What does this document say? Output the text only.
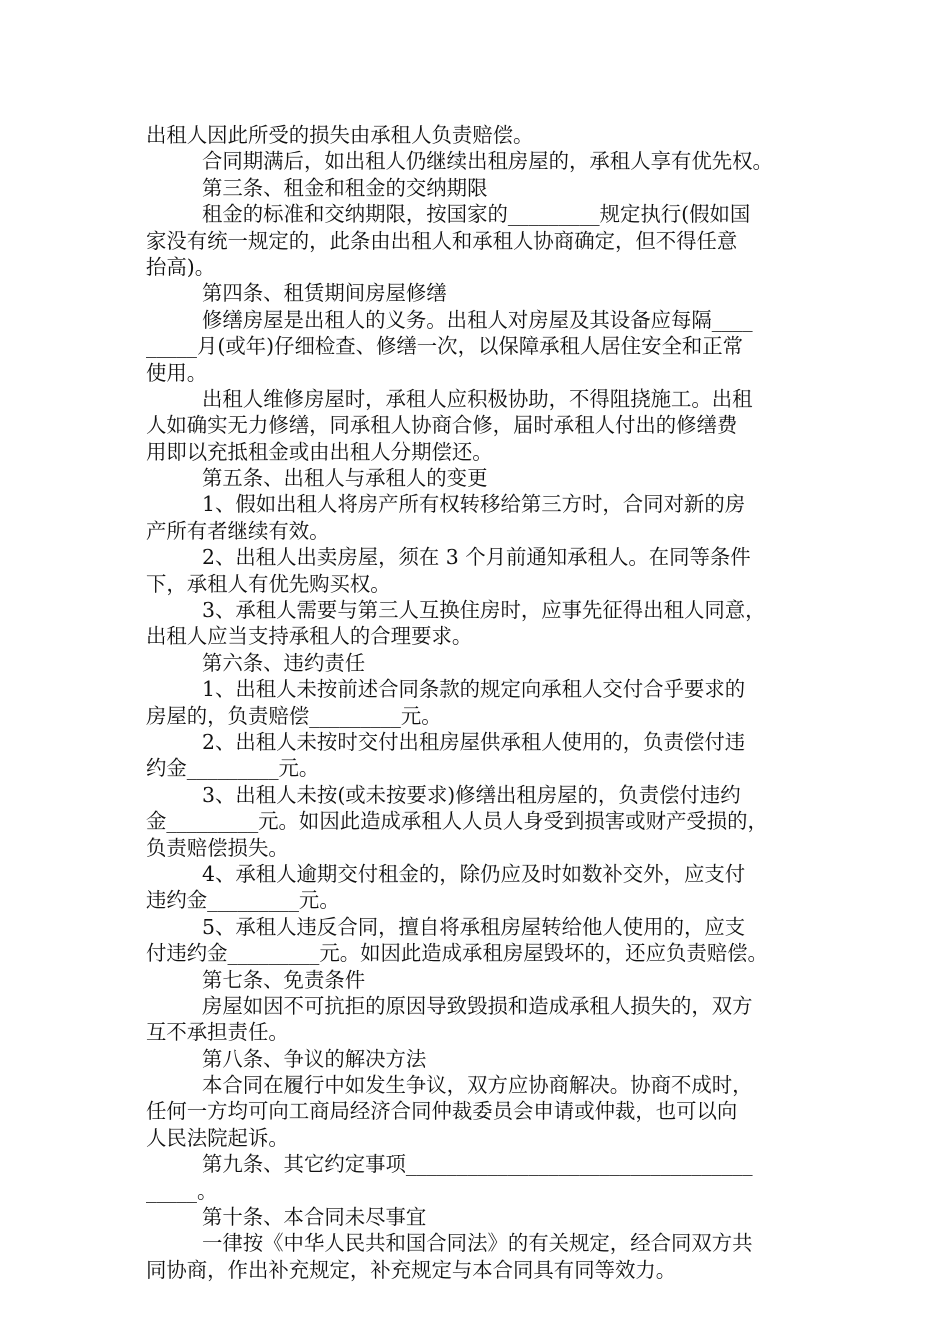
出租人因此所受的损失由承租人负责赔偿。
合同期满后，如出租人仍继续出租房屋的，承租人享有优先权。
第三条、租金和租金的交纳期限
租金的标准和交纳期限，按国家的_________规定执行(假如国
家没有统一规定的，此条由出租人和承租人协商确定，但不得任意
抬高)。
第四条、租赁期间房屋修缮
修缮房屋是出租人的义务。出租人对房屋及其设备应每隔____
_____月(或年)仔细检查、修缮一次，以保障承租人居住安全和正常
使用。
出租人维修房屋时，承租人应积极协助，不得阻挠施工。出租
人如确实无力修缮，同承租人协商合修，届时承租人付出的修缮费
用即以充抵租金或由出租人分期偿还。
第五条、出租人与承租人的变更
1、假如出租人将房产所有权转移给第三方时，合同对新的房
产所有者继续有效。
2、出租人出卖房屋，须在 3 个月前通知承租人。在同等条件
下，承租人有优先购买权。
3、承租人需要与第三人互换住房时，应事先征得出租人同意，
出租人应当支持承租人的合理要求。
第六条、违约责任
1、出租人未按前述合同条款的规定向承租人交付合乎要求的
房屋的，负责赔偿_________元。
2、出租人未按时交付出租房屋供承租人使用的，负责偿付违
约金_________元。
3、出租人未按(或未按要求)修缮出租房屋的，负责偿付违约
金_________元。如因此造成承租人人员人身受到损害或财产受损的，
负责赔偿损失。
4、承租人逾期交付租金的，除仍应及时如数补交外，应支付
违约金_________元。
5、承租人违反合同，擅自将承租房屋转给他人使用的，应支
付违约金_________元。如因此造成承租房屋毁坏的，还应负责赔偿。
第七条、免责条件
房屋如因不可抗拒的原因导致毁损和造成承租人损失的，双方
互不承担责任。
第八条、争议的解决方法
本合同在履行中如发生争议，双方应协商解决。协商不成时，
任何一方均可向工商局经济合同仲裁委员会申请或仲裁，也可以向
人民法院起诉。
第九条、其它约定事项__________________________________
_____。
第十条、本合同未尽事宜
一律按《中华人民共和国合同法》的有关规定，经合同双方共
同协商，作出补充规定，补充规定与本合同具有同等效力。
